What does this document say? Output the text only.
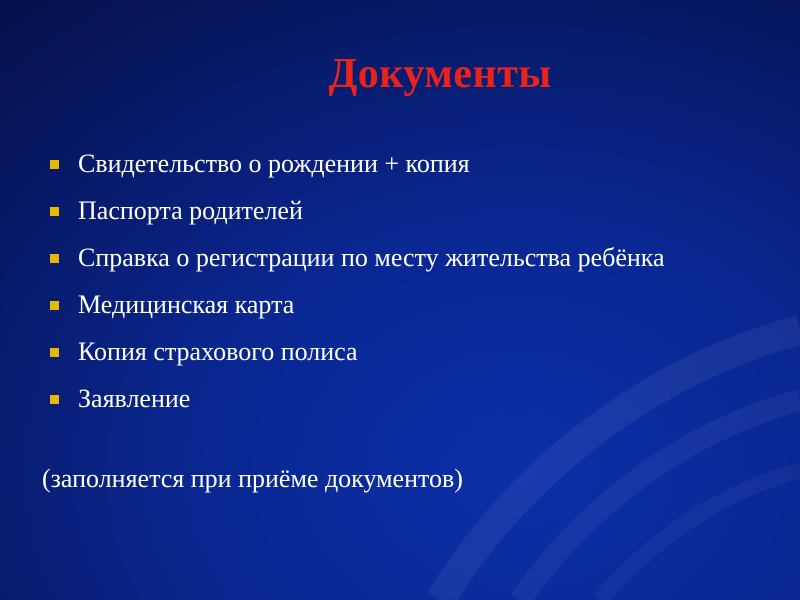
Документы
Свидетельство о рождении + копия
Паспорта родителей
Справка о регистрации по месту жительства ребёнка
Медицинская карта
Копия страхового полиса
Заявление

(заполняется при приёме документов)
